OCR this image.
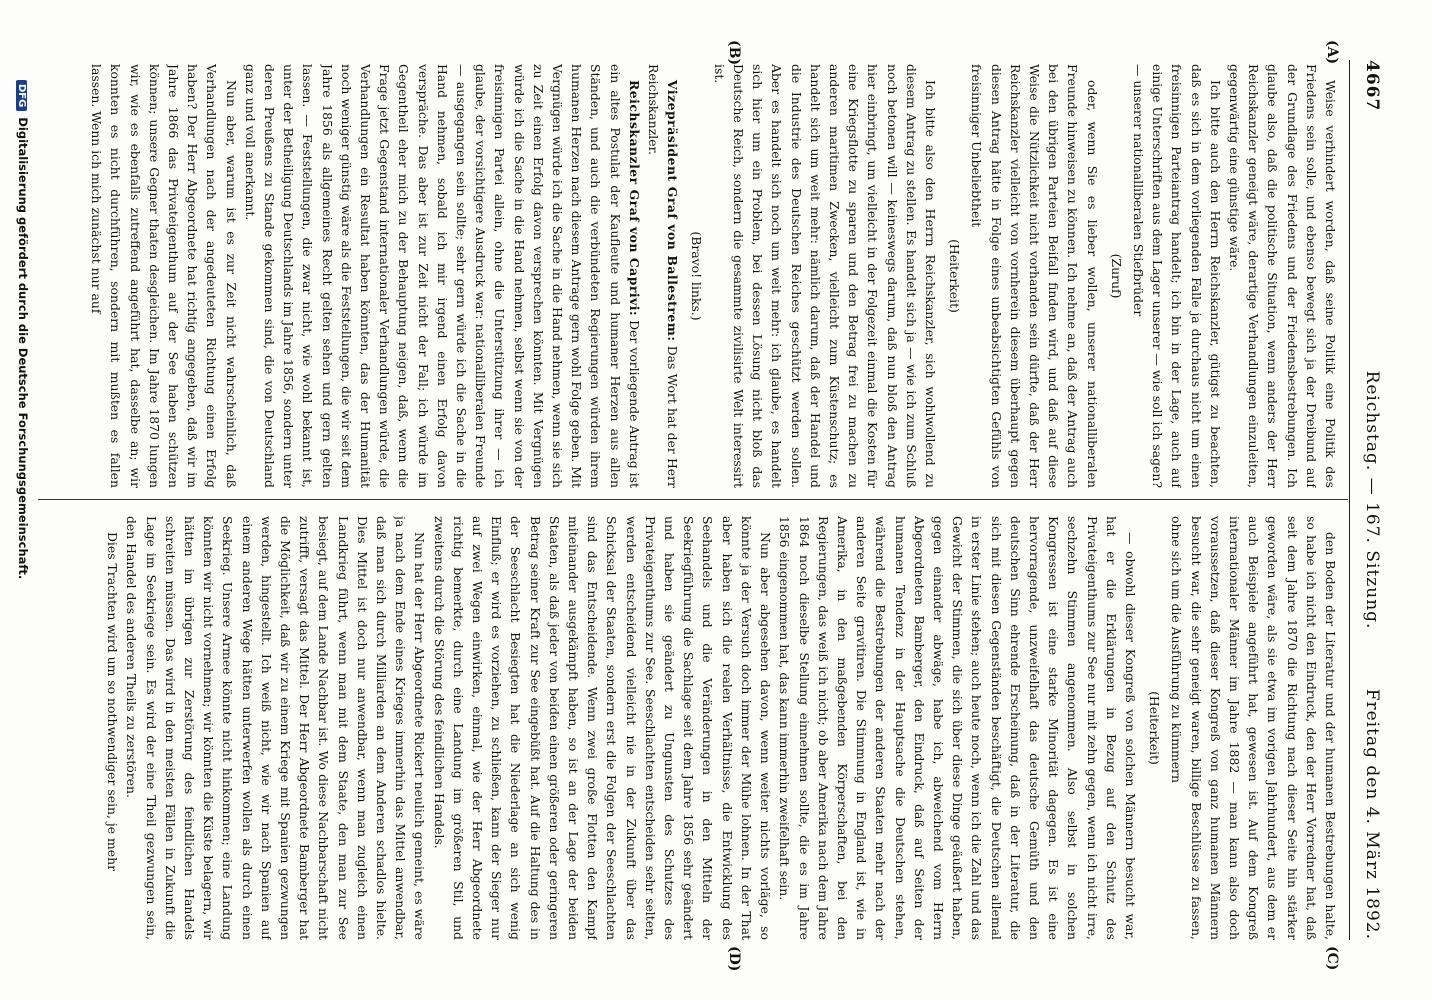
4667
Reichstag. — 167. Sitzung.
Freitag den 4. März 1892.
(A)
(B)
(C)
(D)

Weise verhindert worden, daß seine Politik eine Politik des Friedens sein solle, und ebenso bewegt sich ja der Dreibund auf der Grundlage des Friedens und der Friedensbestrebungen. Ich glaube also, daß die politische Situation, wenn anders der Herr Reichskanzler geneigt wäre, derartige Verhandlungen einzuleiten, gegenwärtig eine günstige wäre.

Ich bitte auch den Herrn Reichskanzler, gütigst zu beachten, daß es sich in dem vorliegenden Falle ja durchaus nicht um einen freisinnigen Parteiantrag handelt; ich bin in der Lage, auch auf einige Unterschriften aus dem Lager unserer — wie soll ich sagen? — unserer nationalliberalen Stiefbrüder

(Zuruf)

oder, wenn Sie es lieber wollen, unserer nationalliberalen Freunde hinweisen zu können. Ich nehme an, daß der Antrag auch bei den übrigen Parteien Beifall finden wird, und daß auf diese Weise die Nützlichkeit nicht vorhanden sein dürfte, daß der Herr Reichskanzler vielleicht von vornherein diesem überhaupt gegen diesen Antrag hätte in Folge eines unbeabsichtigten Gefühls von freisinniger Unbeliebtheit

(Heiterkeit)

Ich bitte also den Herrn Reichskanzler, sich wohlwollend zu diesem Antrag zu stellen. Es handelt sich ja — wie ich zum Schluß noch betonen will — keineswegs darum, daß nun bloß den Antrag hier einbringt, um vielleicht in der Folgezeit einmal die Kosten für eine Kriegsflotte zu sparen und den Betrag frei zu machen zu anderen maritimen Zwecken, vielleicht zum Küstenschutz; es handelt sich um weit mehr: nämlich darum, daß der Handel und die Industrie des Deutschen Reiches geschützt werden sollen. Aber es handelt sich noch um weit mehr: ich glaube, es handelt sich hier um ein Problem, bei dessen Lösung nicht bloß das Deutsche Reich, sondern die gesammte zivilisirte Welt interessirt ist.

(Bravo! links.)

Vizepräsident Graf von Ballestrem: Das Wort hat der Herr Reichskanzler.

Reichskanzler Graf von Caprivi: Der vorliegende Antrag ist ein altes Postulat der Kaufleute und humaner Herzen aus allen Ständen, und auch die verbündeten Regierungen würden ihrem humanen Herzen nach diesem Antrage gern wohl Folge geben. Mit Vergnügen würde ich die Sache in die Hand nehmen, wenn sie sich zu Zeit einen Erfolg davon versprechen könnten. Mit Vergnügen würde ich die Sache in die Hand nehmen, selbst wenn sie von der freisinnigen Partei allein, ohne die Unterstützung ihrer — ich glaube, der vorsichtigere Ausdruck war: nationalliberalen Freunde — ausgegangen sein sollte; sehr gern würde ich die Sache in die Hand nehmen, sobald ich mir irgend einen Erfolg davon verspräche. Das aber ist zur Zeit nicht der Fall; ich würde im Gegentheil eher mich zu der Behauptung neigen, daß, wenn die Frage jetzt Gegenstand internationaler Verhandlungen würde, die Verhandlungen ein Resultat haben könnten, das der Humanität noch weniger günstig wäre als die Feststellungen, die wir seit dem Jahre 1856 als allgemeines Recht gelten sehen und gern gelten lassen. — Feststellungen, die zwar nicht, wie wohl bekannt ist, unter der Betheiligung Deutschlands im Jahre 1856, sondern unter deren Preußens zu Stande gekommen sind, die von Deutschland ganz und voll anerkannt.

Nun aber, warum ist es zur Zeit nicht wahrscheinlich, daß Verhandlungen nach der angedeuteten Richtung einen Erfolg haben? Der Herr Abgeordnete hat richtig angegeben, daß wir im Jahre 1866 das Privateigenthum auf der See haben schützen können; unsere Gegner thaten desgleichen. Im Jahre 1870 lungen wir, wie es ebenfalls zutreffend angeführt hat, dasselbe an; wir konnten es nicht durchführen, sondern mit mußten es fallen lassen. Wenn ich mich zunächst nur auf

den Boden der Literatur und der humanen Bestrebungen halte, so habe ich nicht den Eindruck, den der Herr Vorredner hat, daß seit dem Jahre 1870 die Richtung nach dieser Seite hin stärker geworden wäre, als sie etwa im vorigen Jahrhundert, aus dem er auch Beispiele angeführt hat, gewesen ist. Auf dem Kongreß internationaler Männer im Jahre 1882 — man kann also doch voraussetzen, daß dieser Kongreß von ganz humanen Männern besucht war, die sehr geneigt waren, billige Beschlüsse zu fassen, ohne sich um die Ausführung zu kümmern

(Heiterkeit)

— obwohl dieser Kongreß von solchen Männern besucht war, hat er die Erklärungen in Bezug auf den Schutz des Privateigenthums zur See nur mit zehn gegen, wenn ich nicht irre, sechzehn Stimmen angenommen. Also selbst in solchen Kongressen ist eine starke Minorität dagegen. Es ist eine hervorragende, unzweifelhaft das deutsche Gemüth und den deutschen Sinn ehrende Erscheinung, daß in der Literatur, die sich mit diesen Gegenständen beschäftigt, die Deutschen allemal in erster Linie stehen; auch heute noch, wenn ich die Zahl und das Gewicht der Stimmen, die sich über diese Dinge geäußert haben, gegen einander abwäge, habe ich, abweichend vom Herrn Abgeordneten Bamberger, den Eindruck, daß auf Seiten der humanen Tendenz in der Hauptsache die Deutschen stehen, während die Bestrebungen der anderen Staaten mehr nach der anderen Seite gravitiren. Die Stimmung in England ist, wie in Amerika, in den maßgebenden Körperschaften, bei den Regierungen, das weiß ich nicht; ob aber Amerika nach dem Jahre 1864 noch dieselbe Stellung einnehmen sollte, die es im Jahre 1856 eingenommen hat, das kann immerhin zweifelhaft sein.

Nun aber abgesehen davon, wenn weiter nichts vorläge, so könnte ja der Versuch doch immer der Mühe lohnen. In der That aber haben sich die realen Verhältnisse, die Entwicklung des Seehandels und die Veränderungen in den Mitteln der Seekriegführung die Sachlage seit dem Jahre 1856 sehr geändert und haben sie geändert zu Ungunsten des Schutzes des Privateigenthums zur See. Seeschlachten entscheiden sehr selten, werden entscheidend vielleicht nie in der Zukunft über das Schicksal der Staaten, sondern erst die Folgen der Seeschlachten sind das Entscheidende. Wenn zwei große Flotten den Kampf miteinander ausgekämpft haben, so ist an der Lage der beiden Staaten, als daß jeder von beiden einen größeren oder geringeren Betrag seiner Kraft zur See eingebüßt hat. Auf die Haltung des in der Seeschlacht Besiegten hat die Niederlage an sich wenig Einfluß; er wird es vorziehen, zu schließen, kann der Sieger nur auf zwei Wegen einwirken, einmal, wie der Herr Abgeordnete richtig bemerkte, durch eine Landung im größeren Stil, und zweitens durch die Störung des feindlichen Handels.

Nun hat der Herr Abgeordnete Rickert neulich gemeint, es wäre ja nach dem Ende eines Krieges immerhin das Mittel anwendbar, daß man sich durch Milliarden an dem Anderen schadlos hielte. Dies Mittel ist doch nur anwendbar, wenn man zugleich einen Landkrieg führt, wenn man mit dem Staate, den man zur See besiegt, auf dem Lande Nachbar ist. Wo diese Nachbarschaft nicht zutrifft, versagt das Mittel. Der Herr Abgeordnete Bamberger hat die Möglichkeit, daß wir zu einem Kriege mit Spanien gezwungen werden, hingestellt. Ich weiß nicht, wie wir nach Spanien auf einem anderen Wege hätten unterwerfen wollen als durch einen Seekrieg. Unsere Armee könnte nicht hinkommen; eine Landung könnten wir nicht vornehmen; wir könnten die Küste belagern, wir hätten im übrigen zur Zerstörung des feindlichen Handels schreiten müssen. Das wird in den meisten Fällen in Zukunft die Lage im Seekriege sein. Es wird der eine Theil gezwungen sein, den Handel des anderen Theils zu zerstören.

Dies Trachten wird um so nothwendiger sein, je mehr

DFGDigitalisierung gefördert durch die Deutsche Forschungsgemeinschaft.
